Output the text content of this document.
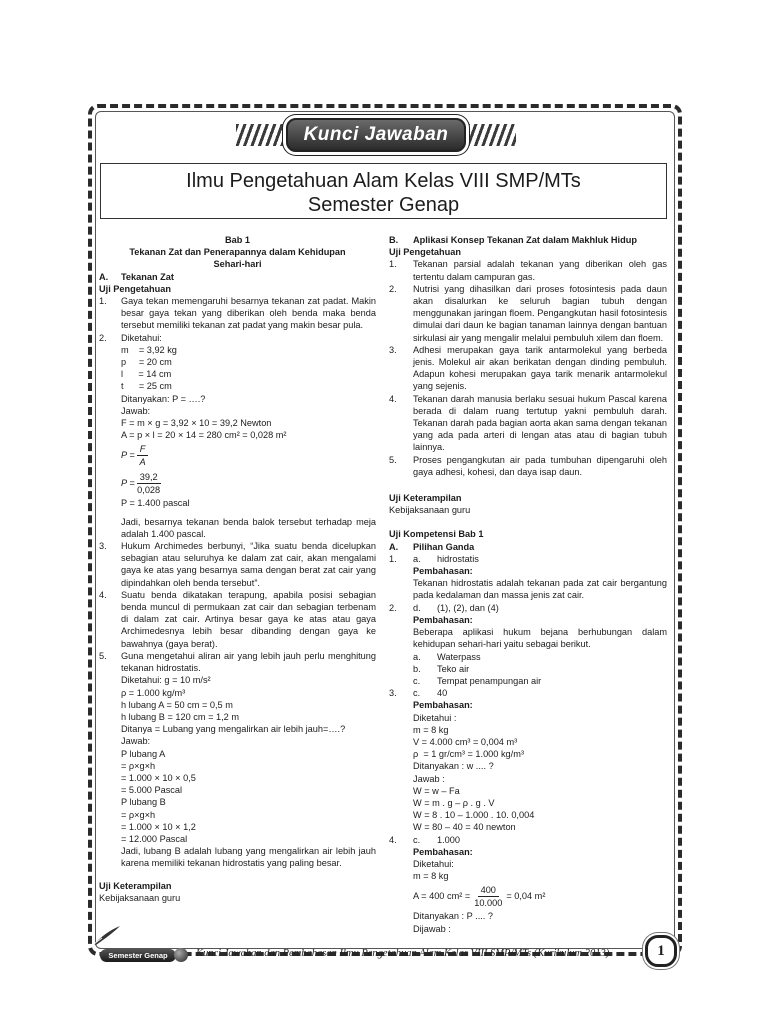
Kunci Jawaban
Ilmu Pengetahuan Alam Kelas VIII SMP/MTs
Semester Genap
Bab 1
Tekanan Zat dan Penerapannya dalam Kehidupan
Sehari-hari
A.	Tekanan Zat
Uji Pengetahuan
1.	Gaya tekan memengaruhi besarnya tekanan zat padat. Makin besar gaya tekan yang diberikan oleh benda maka benda tersebut memiliki tekanan zat padat yang makin besar pula.
2.	Diketahui:
m    = 3,92 kg
p     = 20 cm
l      = 14 cm
t      = 25 cm
Ditanyakan: P = ….?
Jawab:
F = m × g = 3,92 × 10 = 39,2 Newton
A = p × l = 20 × 14 = 280 cm² = 0,028 m²
$P = \frac{F}{A}$
$P = \frac{39,2}{0,028}$
P = 1.400 pascal
Jadi, besarnya tekanan benda balok tersebut terhadap meja adalah 1.400 pascal.
3.	Hukum Archimedes berbunyi, “Jika suatu benda dicelupkan sebagian atau seluruhya ke dalam zat cair, akan mengalami gaya ke atas yang besarnya sama dengan berat zat cair yang dipindahkan oleh benda tersebut”.
4.	Suatu benda dikatakan terapung, apabila posisi sebagian benda muncul di permukaan zat cair dan sebagian terbenam di dalam zat cair. Artinya besar gaya ke atas atau gaya Archimedesnya lebih besar dibanding dengan gaya ke bawahnya (gaya berat).
5.	Guna mengetahui aliran air yang lebih jauh perlu menghitung tekanan hidrostatis.
Diketahui: g = 10 m/s²
ρ = 1.000 kg/m³
h lubang A = 50 cm = 0,5 m
h lubang B = 120 cm = 1,2 m
Ditanya = Lubang yang mengalirkan air lebih jauh=….?
Jawab:
P lubang A
= ρ×g×h
= 1.000 × 10 × 0,5
= 5.000 Pascal
P lubang B
= ρ×g×h
= 1.000 × 10 × 1,2
= 12.000 Pascal
Jadi, lubang B adalah lubang yang mengalirkan air lebih jauh karena memiliki tekanan hidrostatis yang paling besar.
Uji Keterampilan
Kebijaksanaan guru
B.	Aplikasi Konsep Tekanan Zat dalam Makhluk Hidup
Uji Pengetahuan
1.	Tekanan parsial adalah tekanan yang diberikan oleh gas tertentu dalam campuran gas.
2.	Nutrisi yang dihasilkan dari proses fotosintesis pada daun akan disalurkan ke seluruh bagian tubuh dengan menggunakan jaringan floem. Pengangkutan hasil fotosintesis dimulai dari daun ke bagian tanaman lainnya dengan bantuan sirkulasi air yang mengalir melalui pembuluh xilem dan floem.
3.	Adhesi merupakan gaya tarik antarmolekul yang berbeda jenis. Molekul air akan berikatan dengan dinding pembuluh. Adapun kohesi merupakan gaya tarik menarik antarmolekul yang sejenis.
4.	Tekanan darah manusia berlaku sesuai hukum Pascal karena berada di dalam ruang tertutup yakni pembuluh darah. Tekanan darah pada bagian aorta akan sama dengan tekanan yang ada pada arteri di lengan atas atau di bagian tubuh lainnya.
5.	Proses pengangkutan air pada tumbuhan dipengaruhi oleh gaya adhesi, kohesi, dan daya isap daun.
Uji Keterampilan
Kebijaksanaan guru
Uji Kompetensi Bab 1
A.	Pilihan Ganda
1.	a.	hidrostatis
Pembahasan:
Tekanan hidrostatis adalah tekanan pada zat cair bergantung pada kedalaman dan massa jenis zat cair.
2.	d.	(1), (2), dan (4)
Pembahasan:
Beberapa aplikasi hukum bejana berhubungan dalam kehidupan sehari-hari yaitu sebagai berikut.
a.	Waterpass
b.	Teko air
c.	Tempat penampungan air
3.	c.	40
Pembahasan:
Diketahui :
m = 8 kg
V = 4.000 cm³ = 0,004 m³
ρ  = 1 gr/cm³ = 1.000 kg/m³
Ditanyakan : w .... ?
Jawab :
W = w – Fa
W = m . g – ρ . g . V
W = 8 . 10 – 1.000 . 10. 0,004
W = 80 – 40 = 40 newton
4.	c.	1.000
Pembahasan:
Diketahui:
m = 8 kg
A = 400 $cm^2 = \frac{400}{10.000} = 0,04$ m²
Ditanyakan : P .... ?
Dijawab :
Semester Genap	Kunci Jawaban dan Pembahasan Ilmu Pengetahuan Alam Kelas VIII SMP/MTs (Kurikulum 2013)	1
